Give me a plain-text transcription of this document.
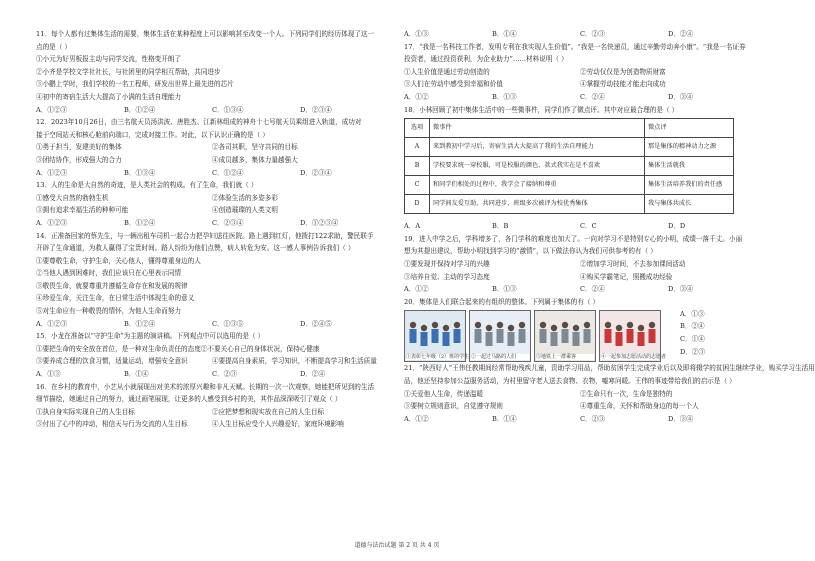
11．每个人都有过集体生活的需要，集体生活在某种程度上可以影响甚至改变一个人。下列同学们的经历体现了这一
点的是（ ）
①小元为好男板报主动与同学交流，性格变开朗了
②小齐是学校文学社社长，与社团里的同学相互帮助，共同进步
③小鹏上学时，我们学校的一名工程师，研发出世界上最先进的芯片
④初中的寄宿生活大大提高了小满的生活自理能力
A．①②③	B．①②④	C．①③④	D．②③④
12．2023年10月26日，由三名航天员汤洪波、唐胜杰、江新林组成的神舟十七号航天员乘组进入轨道，成功对
接于空间站天和核心舱前向端口，完成对接工作。对此，以下认识正确的是（ ）
①勇于担当，发建美好的集体	②各司其职，坚守共同的目标
③团结协作，形成强大的合力	④成员越多，集体力量越强大
A．①②③	B．①③④	C．①②④	D．②③④
13．人的生命是大自然的奇迹，是人类社会的构成。有了生命，我们就（ ）
①感受大自然的勃勃生机	②体验生活的多姿多彩
③拥有追求幸福生活的种种可能	④创造璀璨的人类文明
A．①②③	B．①②④	C．②③④	D．①②③④
14．正准备回家的蔡先生，与一辆出租车司机一起合力把孕妇送往医院。路上遇到红灯，他拨打122求助，警民联手
开辟了生命通道，为救人赢得了宝贵时间。路人纷纷为他们点赞，病人转危为安。这一感人事例告诉我们（ ）
①要尊敬生命，守护生命，关心他人，懂得尊重身边的人
②当他人遇到困难时，我们应该只在心里表示同情
③敬畏生命，就要尊重并遵循生命存在和发展的规律
④珍爱生命，关注生命，在日常生活中体现生命的意义
⑤对生命应有一种敬畏的情怀，为他人生命而努力
A．①②③	B．①②④	C．①③⑤	D．②④⑤
15．小龙在准备以“守护生命”为主题的演讲稿。下列观点中可以选用的是（ ）
①要把生命的安全放在首位，是一种对生命负责任的态度②不要关心自己的身体状况，保持心健康
③要养成合理的饮食习惯，适量运动，增强安全意识	④要提高自身素质，学习知识，不断提高学习和生活质量
A．①③	B．①④	C．②③	D．②④
16．在乡村的教育中，小艺从小就展现出对美术的浓厚兴趣和非凡天赋。长期的一次一次观察，她能把所见到的生活
细节描绘，她通过自己的努力，通过画笔展现，让更多的人感受到乡村的美，其作品深深吸引了观众（ ）
①执自身实际实现自己的人生目标	②应把梦想和现实放在自己的人生目标
③付出了心中的冲动，相信天与行为交流的人生目标	④人生目标应受个人兴趣爱好，家庭环境影响
A．①③	B．①④	C．②③	D．②④
17．“我是一名科技工作者，发明专利在我实现人生价值”。“我是一名快递员，通过辛勤劳动奔小康”。“我是一名证券
投资者，通过投资获利，为企业助力”……材料说明（ ）
①人生价值是通过劳动创造的	②劳动仅仅是为创造物质财富
③人们在劳动中感受到幸福和价值	④掌握劳动技能才能走向成功
A．①②	B．①③	C．②④	D．③④
18．小林回顾了初中集体生活中的一些微事件，同学们作了微点评。其中对应最合理的是（ ）
选项	微事件	微点评
A	来到教初中学习后，寄宿生活大大提高了我的生活自理能力	那是集体的精神动力之源
B	学校要求统一穿校服，可是校服的颜色、款式我实在是不喜欢	集体生活就我
C	和同学们相处的过程中，我学会了接纳和尊重	集体生活培养我们的责任感
D	同学间友爱互助、共同进步，班级多次被评为校优秀集体	我与集体共成长
A．A	B．B	C．C	D．D
19．进入中学之后，学科增多了，各门学科的难度也加大了。一向对学习不是特别专心的小明，成绩一落千丈。小丽
想为其提出建议，帮助小明找到学习的“激情”，以下做法你认为我们可供参考的有（ ）
①要发现并保持对学习的兴趣	②增加学习时间，不去参加课间活动
③培养自觉、主动的学习态度	④购买学霸笔记，照搬成功经验
A．①②	B．①③	C．②④	D．③④
20．集体是人们联合起来的有组织的整体。下列属于集体的有（ ）
①表彰七年级（2）班的学生 ②一起过马路的人们	③地铁上一群乘客	④一起参加志愿活动的志愿者
A．①③
B．②④
C．①④
D．②③
21．“陕西好人”王伟任教期间经常帮助残疾儿童，资助学习用品，帮助贫困学生完成学业后以及即将辍学的贫困生继续学业，购买学习生活用
品，他还坚持参加公益服务活动，为村里留守老人送去食物、衣物，嘘寒问暖。王伟的事迹带给我们的启示是（ ）
①关爱他人生命，传递温暖	②生命只有一次，生命是独特的
③要树立规则意识，自觉遵守规则	④尊重生命，关怀和帮助身边的每一个人
A．①②	B．①④	C．②③	D．③④
道德与法治试题 第 2 页 共 4 页
